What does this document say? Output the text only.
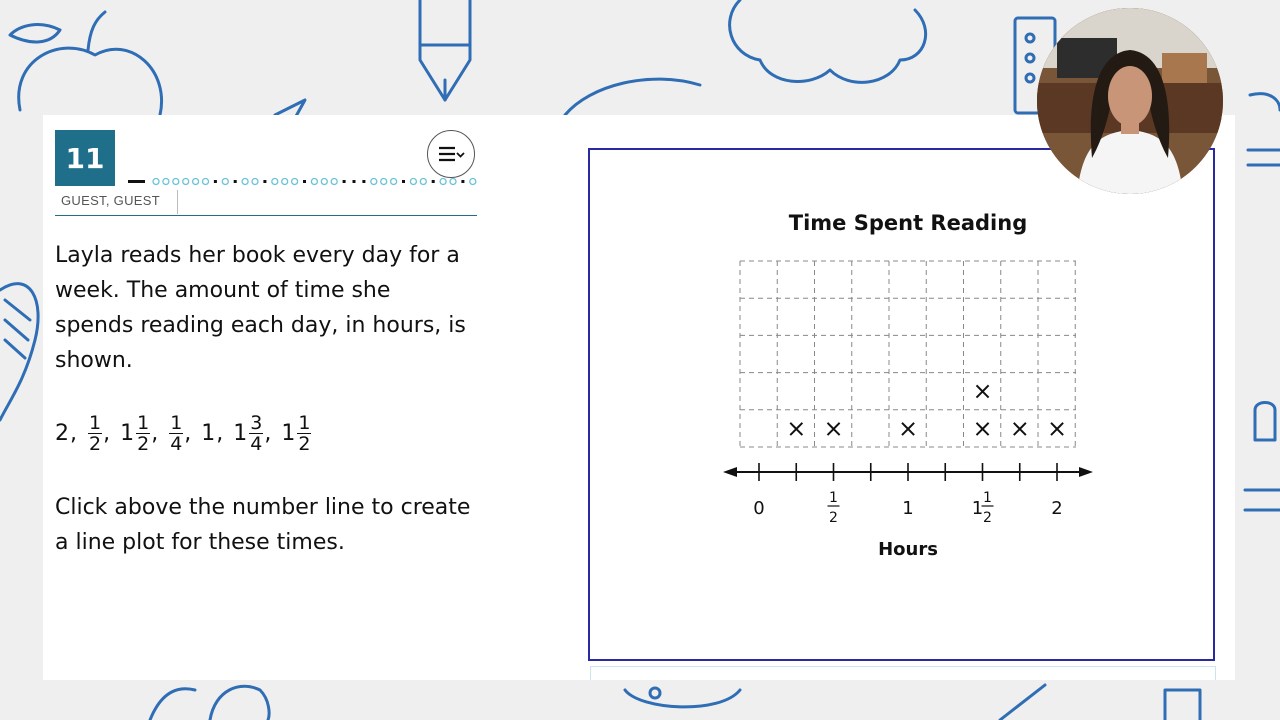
11
GUEST, GUEST
Layla reads her book every day for a week. The amount of time she spends reading each day, in hours, is shown.
2 , $\frac{1}{2}$ , $1 \frac{1}{2}$ , $\frac{1}{4}$ , 1 , $1 \frac{3}{4}$ , $1 \frac{1}{2}$
Click above the number line to create a line plot for these times.
Time Spent Reading
× × × ×
×
× ×
0	1
2	1	1 1
2	2
Hours
